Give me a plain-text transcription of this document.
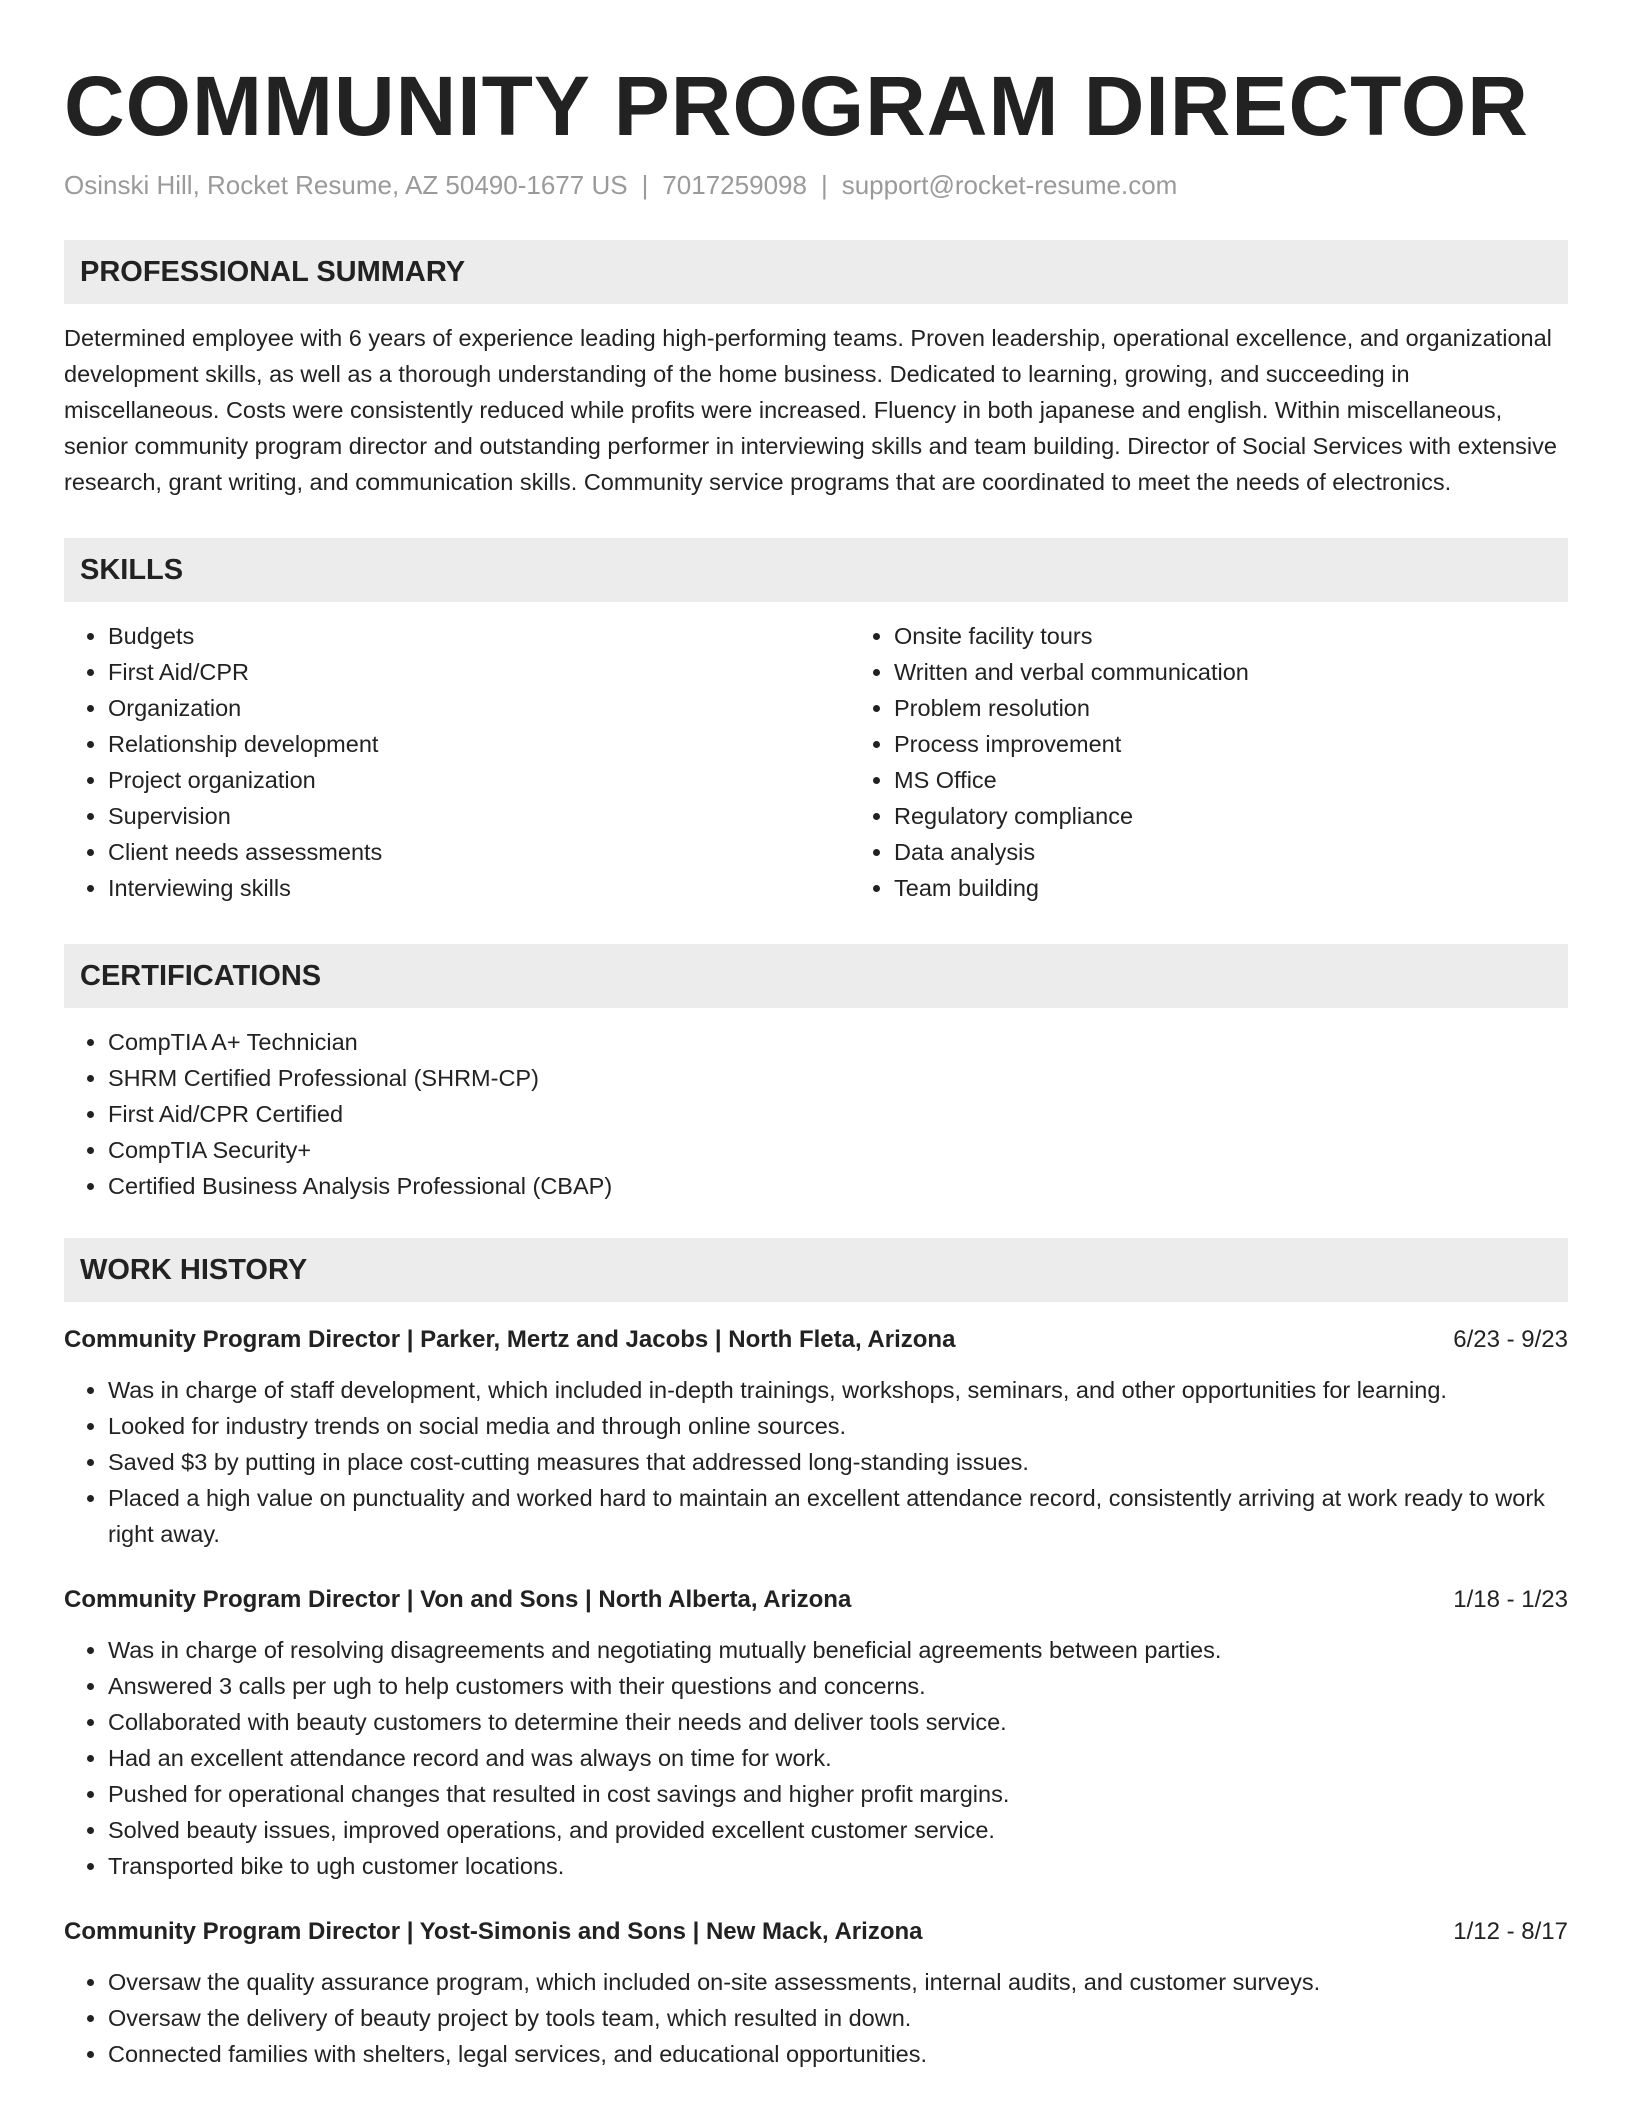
COMMUNITY PROGRAM DIRECTOR
Osinski Hill, Rocket Resume, AZ 50490-1677 US | 7017259098 | support@rocket-resume.com
PROFESSIONAL SUMMARY
Determined employee with 6 years of experience leading high-performing teams. Proven leadership, operational excellence, and organizational development skills, as well as a thorough understanding of the home business. Dedicated to learning, growing, and succeeding in miscellaneous. Costs were consistently reduced while profits were increased. Fluency in both japanese and english. Within miscellaneous, senior community program director and outstanding performer in interviewing skills and team building. Director of Social Services with extensive research, grant writing, and communication skills. Community service programs that are coordinated to meet the needs of electronics.
SKILLS
• Budgets
• First Aid/CPR
• Organization
• Relationship development
• Project organization
• Supervision
• Client needs assessments
• Interviewing skills
• Onsite facility tours
• Written and verbal communication
• Problem resolution
• Process improvement
• MS Office
• Regulatory compliance
• Data analysis
• Team building
CERTIFICATIONS
• CompTIA A+ Technician
• SHRM Certified Professional (SHRM-CP)
• First Aid/CPR Certified
• CompTIA Security+
• Certified Business Analysis Professional (CBAP)
WORK HISTORY
Community Program Director | Parker, Mertz and Jacobs | North Fleta, Arizona	6/23 - 9/23
• Was in charge of staff development, which included in-depth trainings, workshops, seminars, and other opportunities for learning.
• Looked for industry trends on social media and through online sources.
• Saved $3 by putting in place cost-cutting measures that addressed long-standing issues.
• Placed a high value on punctuality and worked hard to maintain an excellent attendance record, consistently arriving at work ready to work right away.
Community Program Director | Von and Sons | North Alberta, Arizona	1/18 - 1/23
• Was in charge of resolving disagreements and negotiating mutually beneficial agreements between parties.
• Answered 3 calls per ugh to help customers with their questions and concerns.
• Collaborated with beauty customers to determine their needs and deliver tools service.
• Had an excellent attendance record and was always on time for work.
• Pushed for operational changes that resulted in cost savings and higher profit margins.
• Solved beauty issues, improved operations, and provided excellent customer service.
• Transported bike to ugh customer locations.
Community Program Director | Yost-Simonis and Sons | New Mack, Arizona	1/12 - 8/17
• Oversaw the quality assurance program, which included on-site assessments, internal audits, and customer surveys.
• Oversaw the delivery of beauty project by tools team, which resulted in down.
• Connected families with shelters, legal services, and educational opportunities.
